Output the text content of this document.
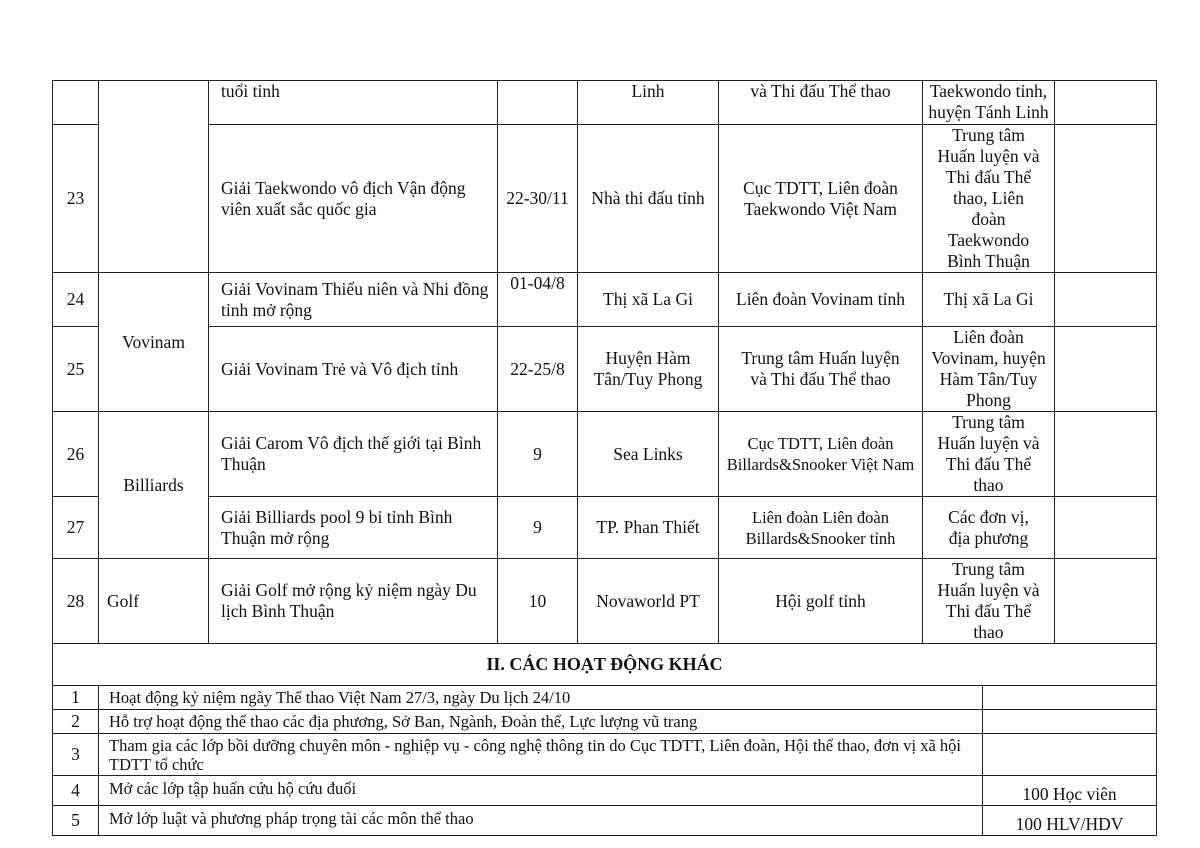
		tuổi tỉnh		Linh	và Thi đấu Thể thao	Taekwondo tỉnh, huyện Tánh Linh		
23		Giải Taekwondo vô địch Vận động viên xuất sắc quốc gia	22-30/11	Nhà thi đấu tỉnh	Cục TDTT, Liên đoàn Taekwondo Việt Nam	Trung tâm Huấn luyện và Thi đấu Thể thao, Liên đoàn Taekwondo Bình Thuận		
24	Vovinam	Giải Vovinam Thiếu niên và Nhi đồng tỉnh mở rộng	01-04/8	Thị xã La Gi	Liên đoàn Vovinam tỉnh	Thị xã La Gi		
25		Giải Vovinam Trẻ và Vô địch tỉnh	22-25/8	Huyện Hàm Tân/Tuy Phong	Trung tâm Huấn luyện và Thi đấu Thể thao	Liên đoàn Vovinam, huyện Hàm Tân/Tuy Phong		
26	Billiards	Giải Carom Vô địch thế giới tại Bình Thuận	9	Sea Links	Cục TDTT, Liên đoàn Billards&Snooker Việt Nam	Trung tâm Huấn luyện và Thi đấu Thể thao		
27		Giải Billiards pool 9 bi tỉnh Bình Thuận mở rộng	9	TP. Phan Thiết	Liên đoàn Liên đoàn Billards&Snooker tỉnh	Các đơn vị, địa phương		
28	Golf	Giải Golf mở rộng kỷ niệm ngày Du lịch Bình Thuận	10	Novaworld PT	Hội golf tỉnh	Trung tâm Huấn luyện và Thi đấu Thể thao		
II. CÁC HOẠT ĐỘNG KHÁC								
1	Hoạt động kỷ niệm ngày Thể thao Việt Nam 27/3, ngày Du lịch 24/10							
2	Hỗ trợ hoạt động thể thao các địa phương, Sở Ban, Ngành, Đoàn thể, Lực lượng vũ trang							
3	Tham gia các lớp bồi dưỡng chuyên môn - nghiệp vụ - công nghệ thông tin do Cục TDTT, Liên đoàn, Hội thể thao, đơn vị xã hội TDTT tổ chức							
4	Mở các lớp tập huấn cứu hộ cứu đuối						100 Học viên	
5	Mở lớp luật và phương pháp trọng tài các môn thể thao						100 HLV/HDV	
